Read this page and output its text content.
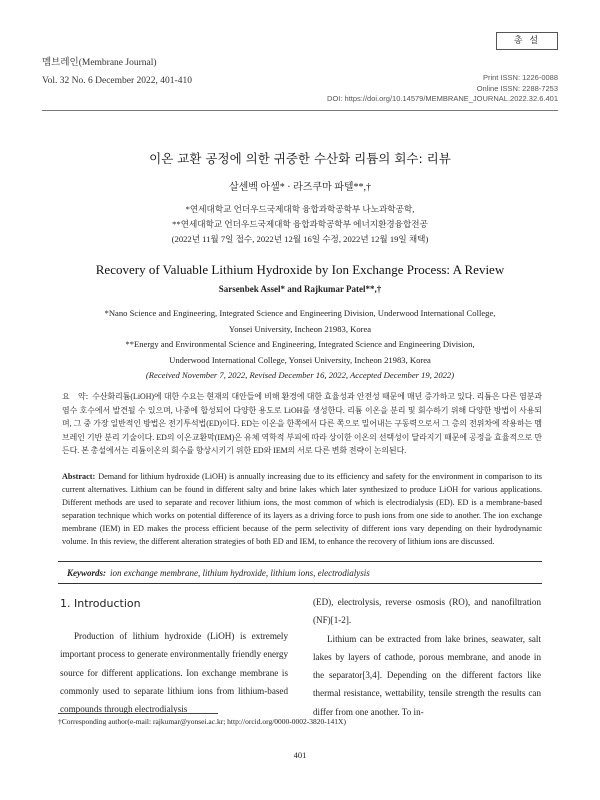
멤브레인(Membrane Journal)
Vol. 32 No. 6 December 2022, 401-410
총 설
Print ISSN: 1226-0088
Online ISSN: 2288-7253
DOI: https://doi.org/10.14579/MEMBRANE_JOURNAL.2022.32.6.401
이온 교환 공정에 의한 귀중한 수산화 리튬의 회수: 리뷰
살센벡 아셀* · 라즈쿠마 파텔**,†
*연세대학교 언더우드국제대학 융합과학공학부 나노과학공학,
**연세대학교 언더우드국제대학 융합과학공학부 에너지환경융합전공
(2022년 11월 7일 접수, 2022년 12월 16일 수정, 2022년 12월 19일 채택)
Recovery of Valuable Lithium Hydroxide by Ion Exchange Process: A Review
Sarsenbek Assel* and Rajkumar Patel**,†
*Nano Science and Engineering, Integrated Science and Engineering Division, Underwood International College,
Yonsei University, Incheon 21983, Korea
**Energy and Environmental Science and Engineering, Integrated Science and Engineering Division,
Underwood International College, Yonsei University, Incheon 21983, Korea
(Received November 7, 2022, Revised December 16, 2022, Accepted December 19, 2022)
요　약: 수산화리튬(LiOH)에 대한 수요는 현재의 대안들에 비해 환경에 대한 효율성과 안전성 때문에 매년 증가하고 있다. 리튬은 다른 염분과 염수 호수에서 발견될 수 있으며, 나중에 합성되어 다양한 용도로 LiOH를 생성한다. 리튬 이온을 분리 및 회수하기 위해 다양한 방법이 사용되며, 그 중 가장 일반적인 방법은 전기투석법(ED)이다. ED는 이온을 한쪽에서 다른 쪽으로 밀어내는 구동력으로서 그 층의 전위차에 작용하는 멤브레인 기반 분리 기술이다. ED의 이온교환막(IEM)은 유체 역학적 부피에 따라 상이한 이온의 선택성이 달라지기 때문에 공정을 효율적으로 만든다. 본 총설에서는 리튬이온의 회수를 향상시키기 위한 ED와 IEM의 서로 다른 변화 전략이 논의된다.
Abstract: Demand for lithium hydroxide (LiOH) is annually increasing due to its efficiency and safety for the environment in comparison to its current alternatives. Lithium can be found in different salty and brine lakes which later synthesized to produce LiOH for various applications. Different methods are used to separate and recover lithium ions, the most common of which is electrodialysis (ED). ED is a membrane-based separation technique which works on potential difference of its layers as a driving force to push ions from one side to another. The ion exchange membrane (IEM) in ED makes the process efficient because of the perm selectivity of different ions vary depending on their hydrodynamic volume. In this review, the different alteration strategies of both ED and IEM, to enhance the recovery of lithium ions are discussed.
Keywords: ion exchange membrane, lithium hydroxide, lithium ions, electrodialysis
1. Introduction

Production of lithium hydroxide (LiOH) is extremely important process to generate environmentally friendly energy source for different applications. Ion exchange membrane is commonly used to separate lithium ions from lithium-based compounds through electrodialysis

(ED), electrolysis, reverse osmosis (RO), and nanofiltration (NF)[1-2].

Lithium can be extracted from lake brines, seawater, salt lakes by layers of cathode, porous membrane, and anode in the separator[3,4]. Depending on the different factors like thermal resistance, wettability, tensile strength the results can differ from one another. To in-

†Corresponding author(e-mail: rajkumar@yonsei.ac.kr; http://orcid.org/0000-0002-3820-141X)
401
